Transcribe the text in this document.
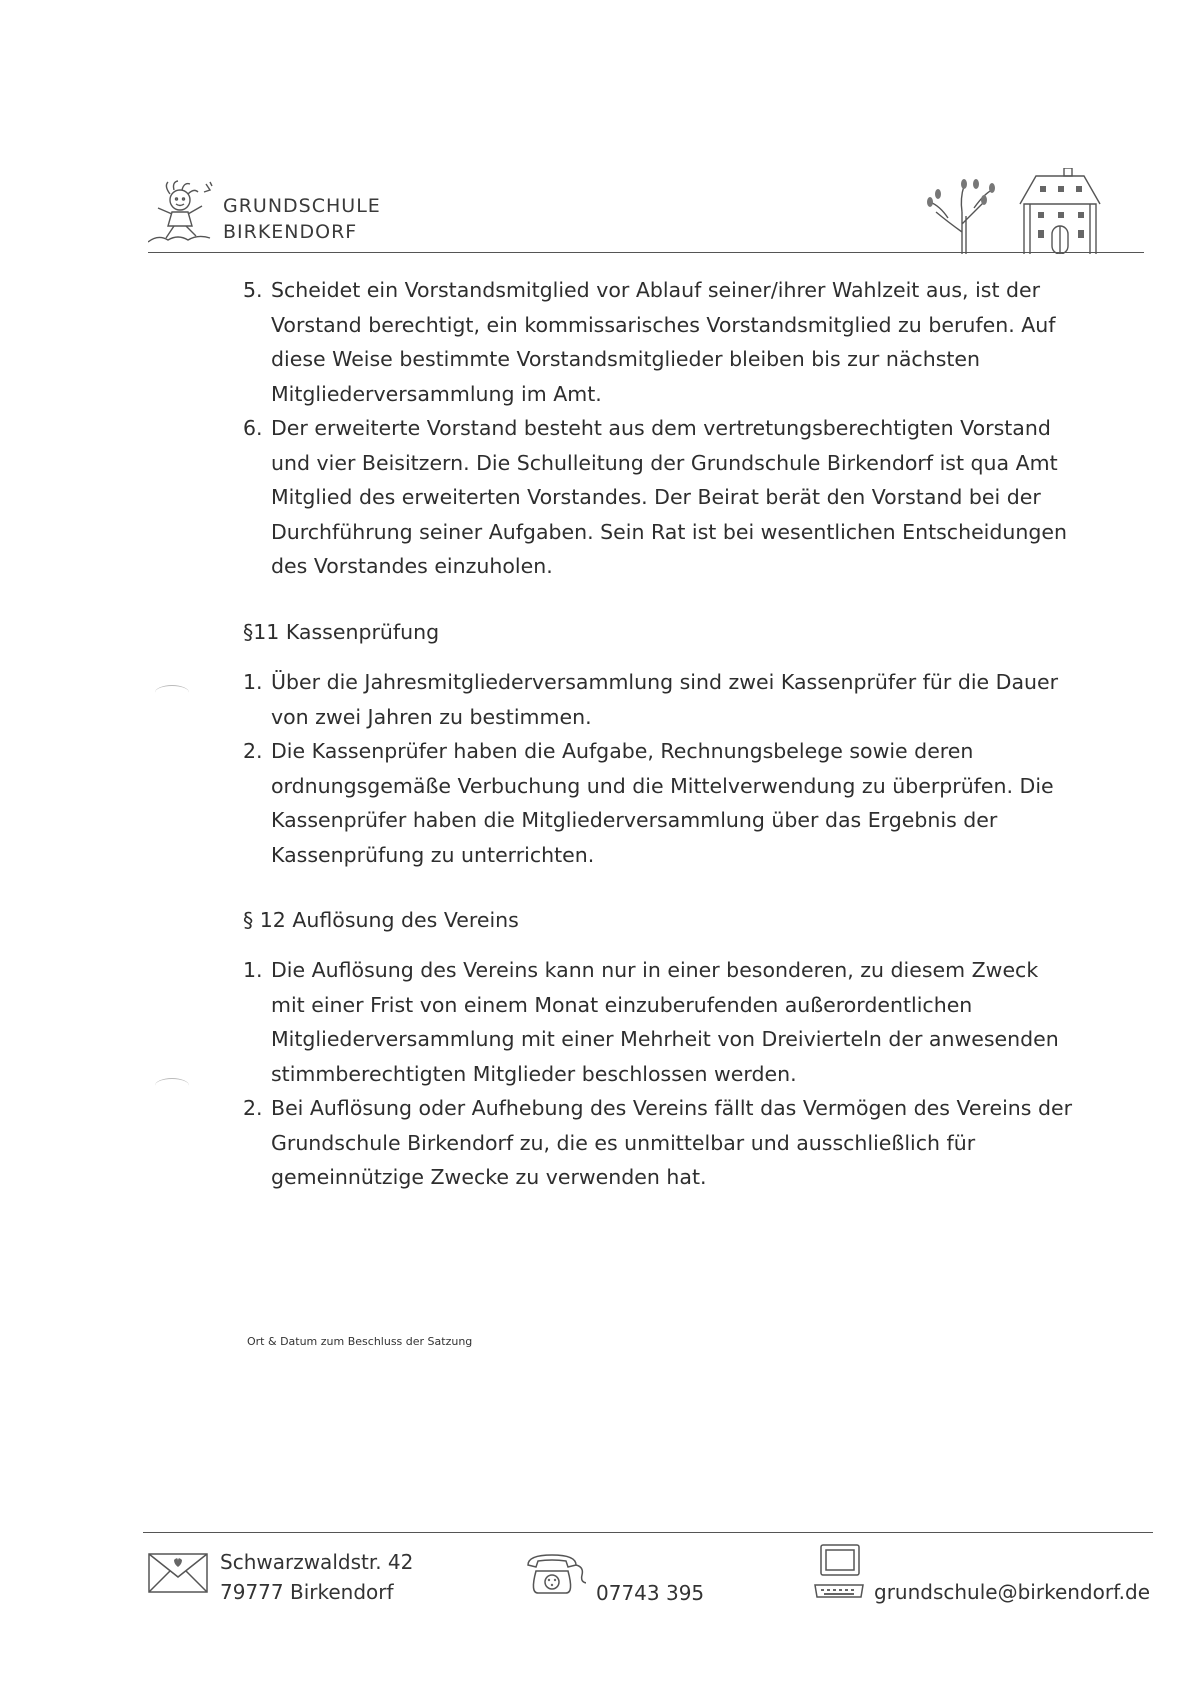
GRUNDSCHULE
BIRKENDORF
5. Scheidet ein Vorstandsmitglied vor Ablauf seiner/ihrer Wahlzeit aus, ist der Vorstand berechtigt, ein kommissarisches Vorstandsmitglied zu berufen. Auf diese Weise bestimmte Vorstandsmitglieder bleiben bis zur nächsten Mitgliederversammlung im Amt.
6. Der erweiterte Vorstand besteht aus dem vertretungsberechtigten Vorstand und vier Beisitzern. Die Schulleitung der Grundschule Birkendorf ist qua Amt Mitglied des erweiterten Vorstandes. Der Beirat berät den Vorstand bei der Durchführung seiner Aufgaben. Sein Rat ist bei wesentlichen Entscheidungen des Vorstandes einzuholen.
§11 Kassenprüfung
1. Über die Jahresmitgliederversammlung sind zwei Kassenprüfer für die Dauer von zwei Jahren zu bestimmen.
2. Die Kassenprüfer haben die Aufgabe, Rechnungsbelege sowie deren ordnungsgemäße Verbuchung und die Mittelverwendung zu überprüfen. Die Kassenprüfer haben die Mitgliederversammlung über das Ergebnis der Kassenprüfung zu unterrichten.
§ 12 Auflösung des Vereins
1. Die Auflösung des Vereins kann nur in einer besonderen, zu diesem Zweck mit einer Frist von einem Monat einzuberufenden außerordentlichen Mitgliederversammlung mit einer Mehrheit von Dreivierteln der anwesenden stimmberechtigten Mitglieder beschlossen werden.
2. Bei Auflösung oder Aufhebung des Vereins fällt das Vermögen des Vereins der Grundschule Birkendorf zu, die es unmittelbar und ausschließlich für gemeinnützige Zwecke zu verwenden hat.
Ort & Datum zum Beschluss der Satzung
Schwarzwaldstr. 42
79777 Birkendorf	07743 395	grundschule@birkendorf.de
